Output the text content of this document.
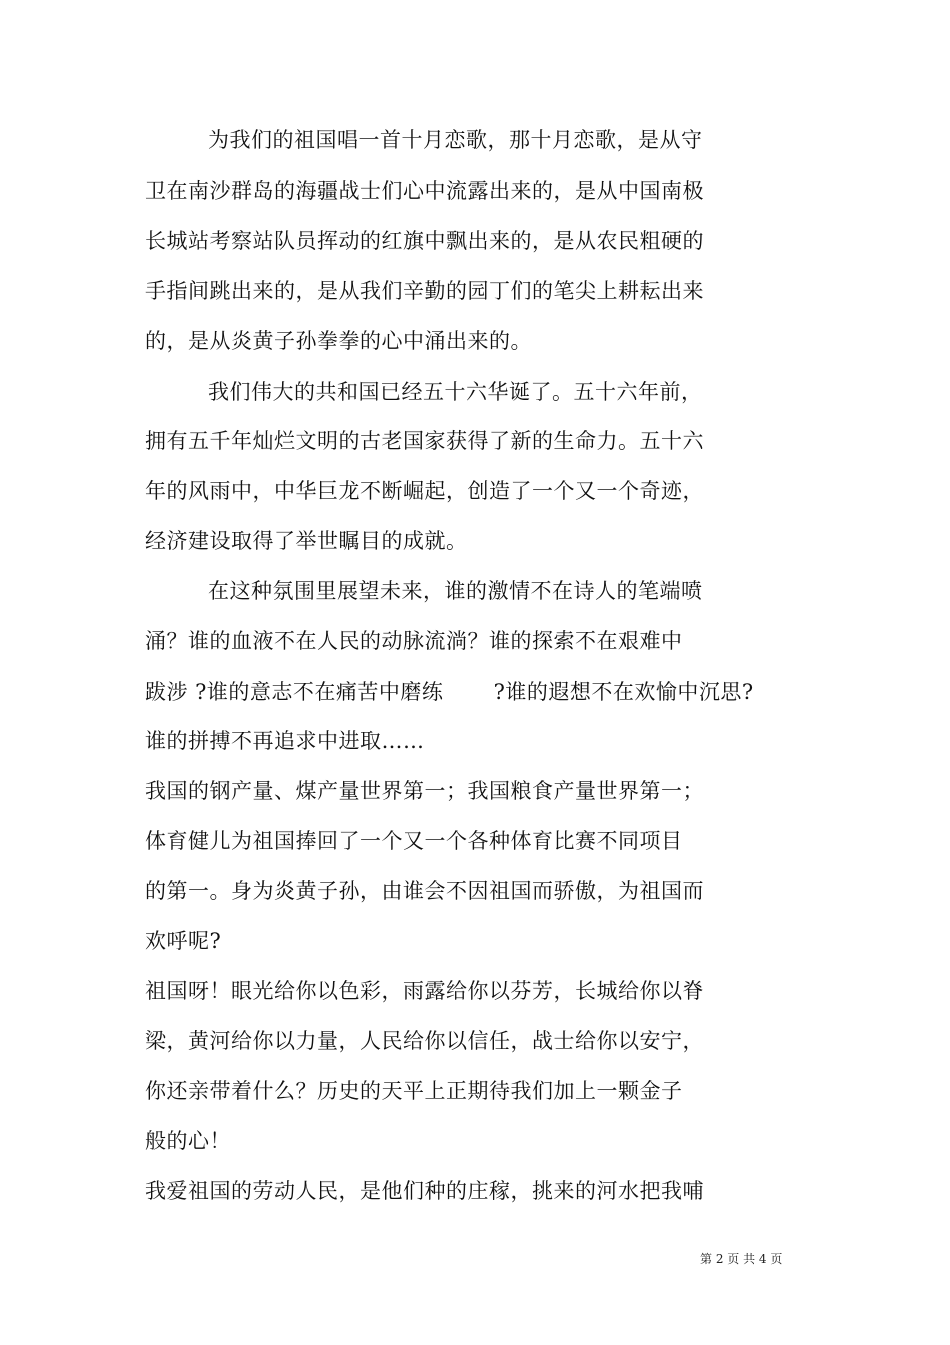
为我们的祖国唱一首十月恋歌，那十月恋歌，是从守
卫在南沙群岛的海疆战士们心中流露出来的，是从中国南极
长城站考察站队员挥动的红旗中飘出来的，是从农民粗硬的
手指间跳出来的，是从我们辛勤的园丁们的笔尖上耕耘出来
的，是从炎黄子孙拳拳的心中涌出来的。
我们伟大的共和国已经五十六华诞了。五十六年前，
拥有五千年灿烂文明的古老国家获得了新的生命力。五十六
年的风雨中，中华巨龙不断崛起，创造了一个又一个奇迹，
经济建设取得了举世瞩目的成就。
在这种氛围里展望未来，谁的激情不在诗人的笔端喷
涌？谁的血液不在人民的动脉流淌？谁的探索不在艰难中
跋涉 ?谁的意志不在痛苦中磨练       ?谁的遐想不在欢愉中沉思?
谁的拼搏不再追求中进取……
我国的钢产量、煤产量世界第一；我国粮食产量世界第一；
体育健儿为祖国捧回了一个又一个各种体育比赛不同项目
的第一。身为炎黄子孙，由谁会不因祖国而骄傲，为祖国而
欢呼呢?
祖国呀！眼光给你以色彩，雨露给你以芬芳，长城给你以脊
梁，黄河给你以力量，人民给你以信任，战士给你以安宁，
你还亲带着什么？历史的天平上正期待我们加上一颗金子
般的心！
我爱祖国的劳动人民，是他们种的庄稼，挑来的河水把我哺
第 2 页 共 4 页
